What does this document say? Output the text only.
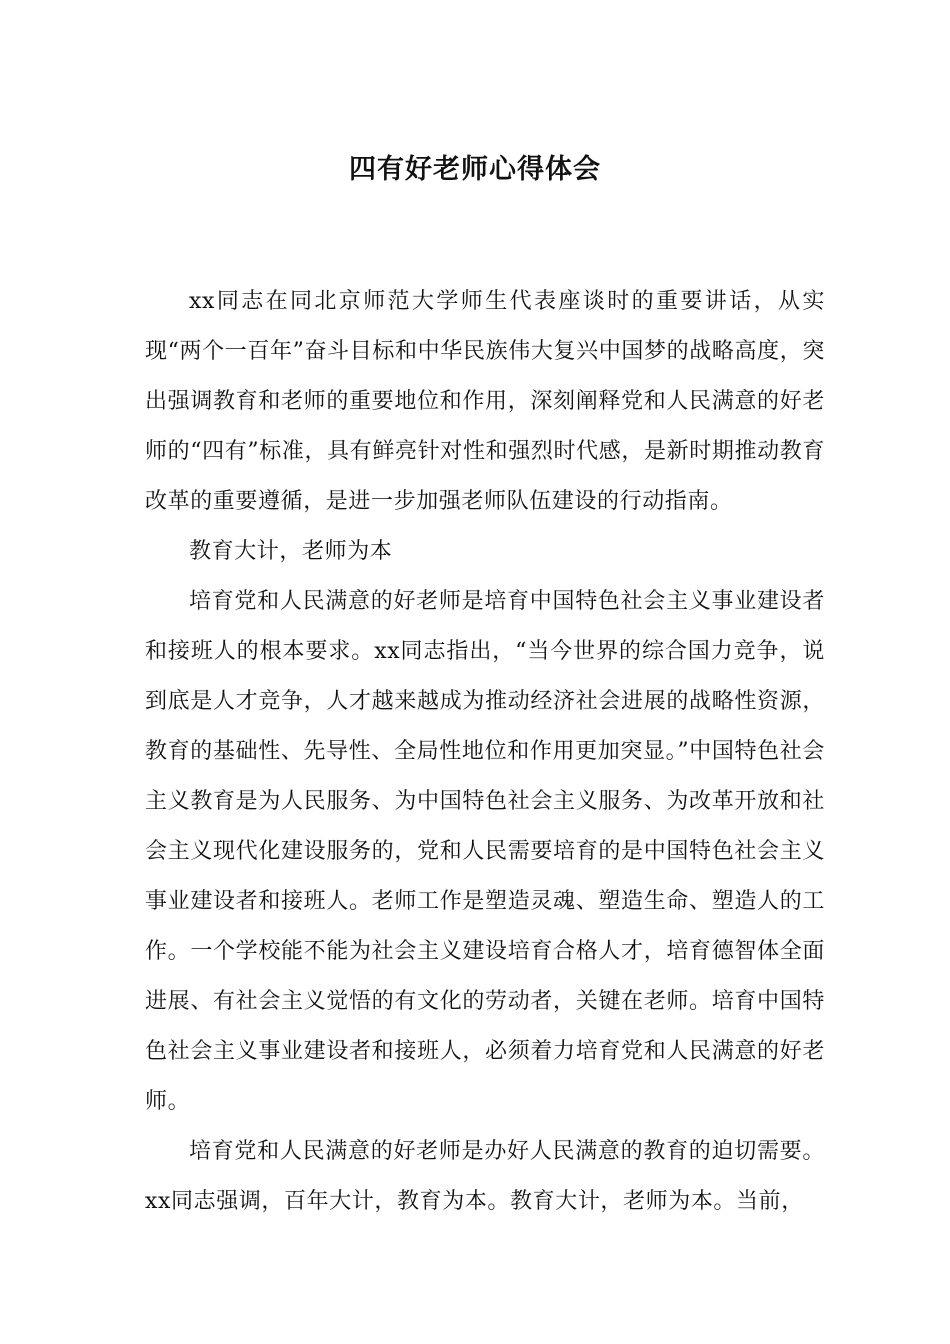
四有好老师心得体会

xx同志在同北京师范大学师生代表座谈时的重要讲话，从实现“两个一百年”奋斗目标和中华民族伟大复兴中国梦的战略高度，突出强调教育和老师的重要地位和作用，深刻阐释党和人民满意的好老师的“四有”标准，具有鲜亮针对性和强烈时代感，是新时期推动教育改革的重要遵循，是进一步加强老师队伍建设的行动指南。

教育大计，老师为本

培育党和人民满意的好老师是培育中国特色社会主义事业建设者和接班人的根本要求。xx同志指出，“当今世界的综合国力竞争，说到底是人才竞争，人才越来越成为推动经济社会进展的战略性资源，教育的基础性、先导性、全局性地位和作用更加突显。”中国特色社会主义教育是为人民服务、为中国特色社会主义服务、为改革开放和社会主义现代化建设服务的，党和人民需要培育的是中国特色社会主义事业建设者和接班人。老师工作是塑造灵魂、塑造生命、塑造人的工作。一个学校能不能为社会主义建设培育合格人才，培育德智体全面进展、有社会主义觉悟的有文化的劳动者，关键在老师。培育中国特色社会主义事业建设者和接班人，必须着力培育党和人民满意的好老师。

培育党和人民满意的好老师是办好人民满意的教育的迫切需要。xx同志强调，百年大计，教育为本。教育大计，老师为本。当前，
